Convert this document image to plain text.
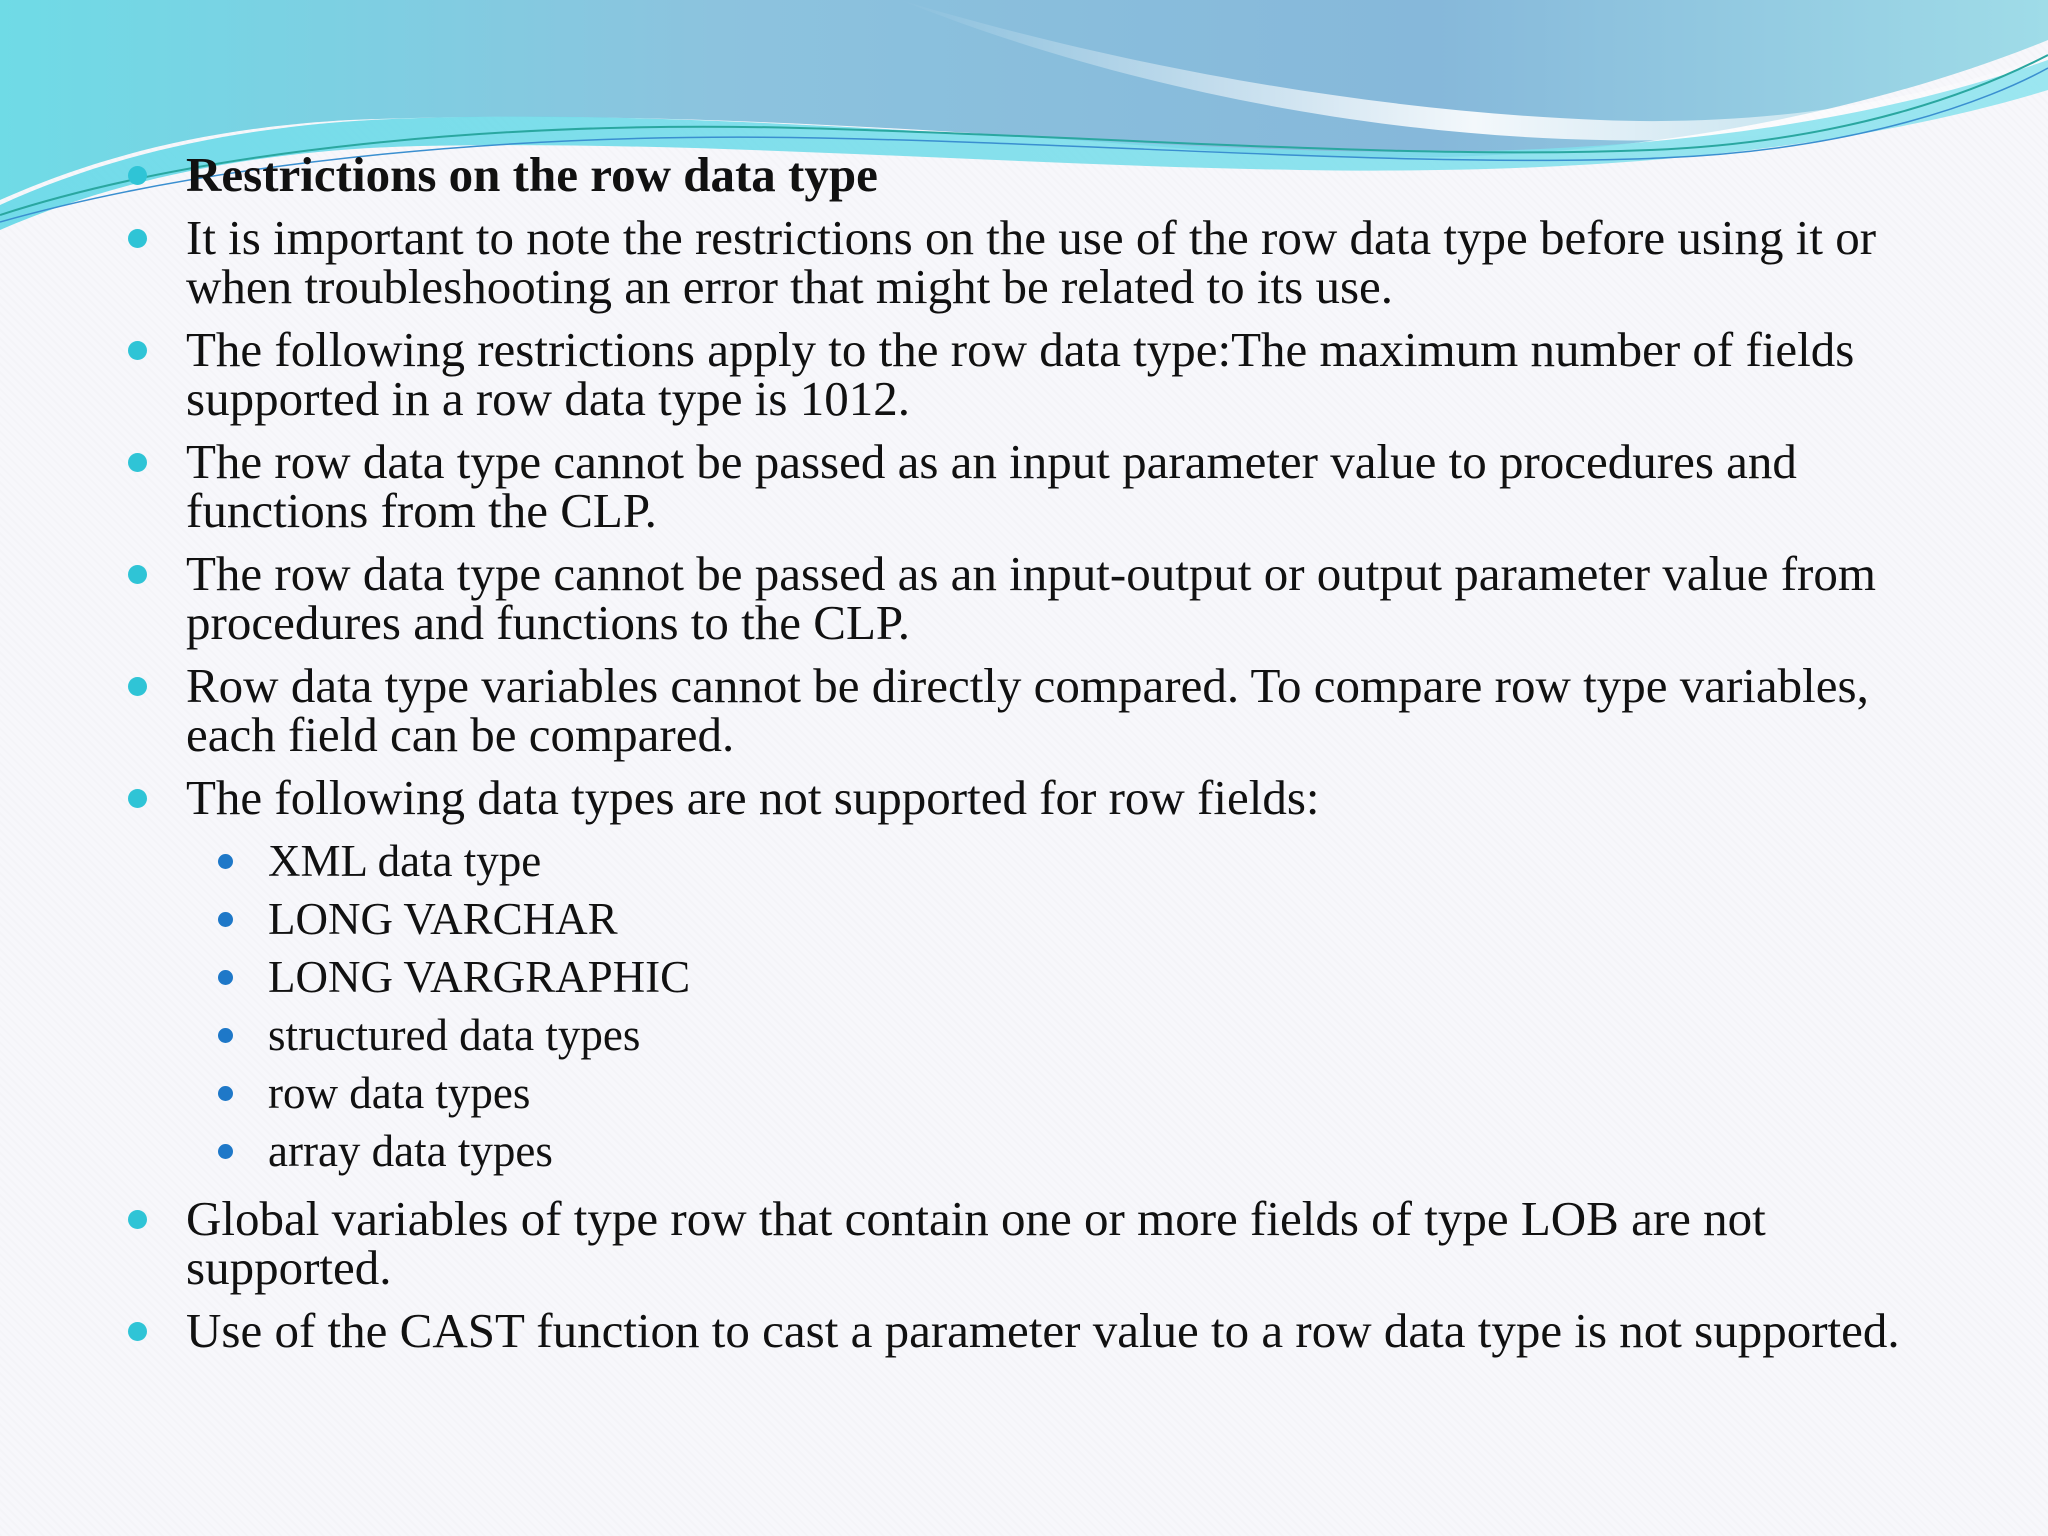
Restrictions on the row data type
It is important to note the restrictions on the use of the row data type before using it or when troubleshooting an error that might be related to its use.
The following restrictions apply to the row data type:The maximum number of fields supported in a row data type is 1012.
The row data type cannot be passed as an input parameter value to procedures and functions from the CLP.
The row data type cannot be passed as an input-output or output parameter value from procedures and functions to the CLP.
Row data type variables cannot be directly compared. To compare row type variables, each field can be compared.
The following data types are not supported for row fields:
XML data type
LONG VARCHAR
LONG VARGRAPHIC
structured data types
row data types
array data types
Global variables of type row that contain one or more fields of type LOB are not supported.
Use of the CAST function to cast a parameter value to a row data type is not supported.
